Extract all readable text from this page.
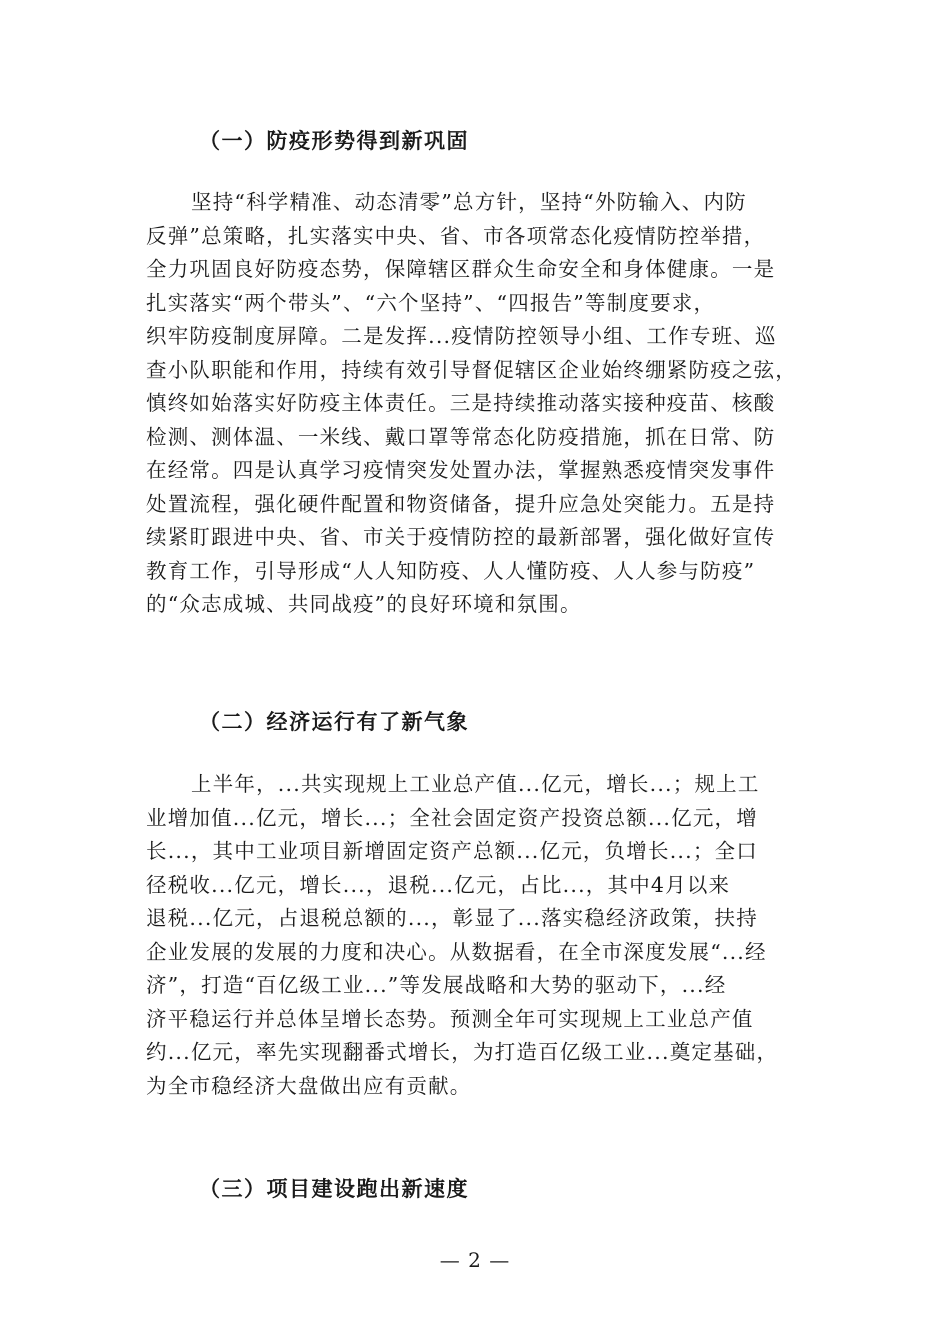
（一）防疫形势得到新巩固
坚持“科学精准、动态清零”总方针，坚持“外防输入、内防
反弹”总策略，扎实落实中央、省、市各项常态化疫情防控举措，
全力巩固良好防疫态势，保障辖区群众生命安全和身体健康。一是
扎实落实“两个带头”、“六个坚持”、“四报告”等制度要求，
织牢防疫制度屏障。二是发挥...疫情防控领导小组、工作专班、巡
查小队职能和作用，持续有效引导督促辖区企业始终绷紧防疫之弦，
慎终如始落实好防疫主体责任。三是持续推动落实接种疫苗、核酸
检测、测体温、一米线、戴口罩等常态化防疫措施，抓在日常、防
在经常。四是认真学习疫情突发处置办法，掌握熟悉疫情突发事件
处置流程，强化硬件配置和物资储备，提升应急处突能力。五是持
续紧盯跟进中央、省、市关于疫情防控的最新部署，强化做好宣传
教育工作，引导形成“人人知防疫、人人懂防疫、人人参与防疫”
的“众志成城、共同战疫”的良好环境和氛围。
（二）经济运行有了新气象
上半年，...共实现规上工业总产值...亿元，增长...；规上工
业增加值...亿元，增长...；全社会固定资产投资总额...亿元，增
长...，其中工业项目新增固定资产总额...亿元，负增长...；全口
径税收...亿元，增长...，退税...亿元，占比...，其中4月以来
退税...亿元，占退税总额的...，彰显了...落实稳经济政策，扶持
企业发展的发展的力度和决心。从数据看，在全市深度发展“...经
济”，打造“百亿级工业...”等发展战略和大势的驱动下，...经
济平稳运行并总体呈增长态势。预测全年可实现规上工业总产值
约...亿元，率先实现翻番式增长，为打造百亿级工业...奠定基础，
为全市稳经济大盘做出应有贡献。
（三）项目建设跑出新速度
— 2 —
